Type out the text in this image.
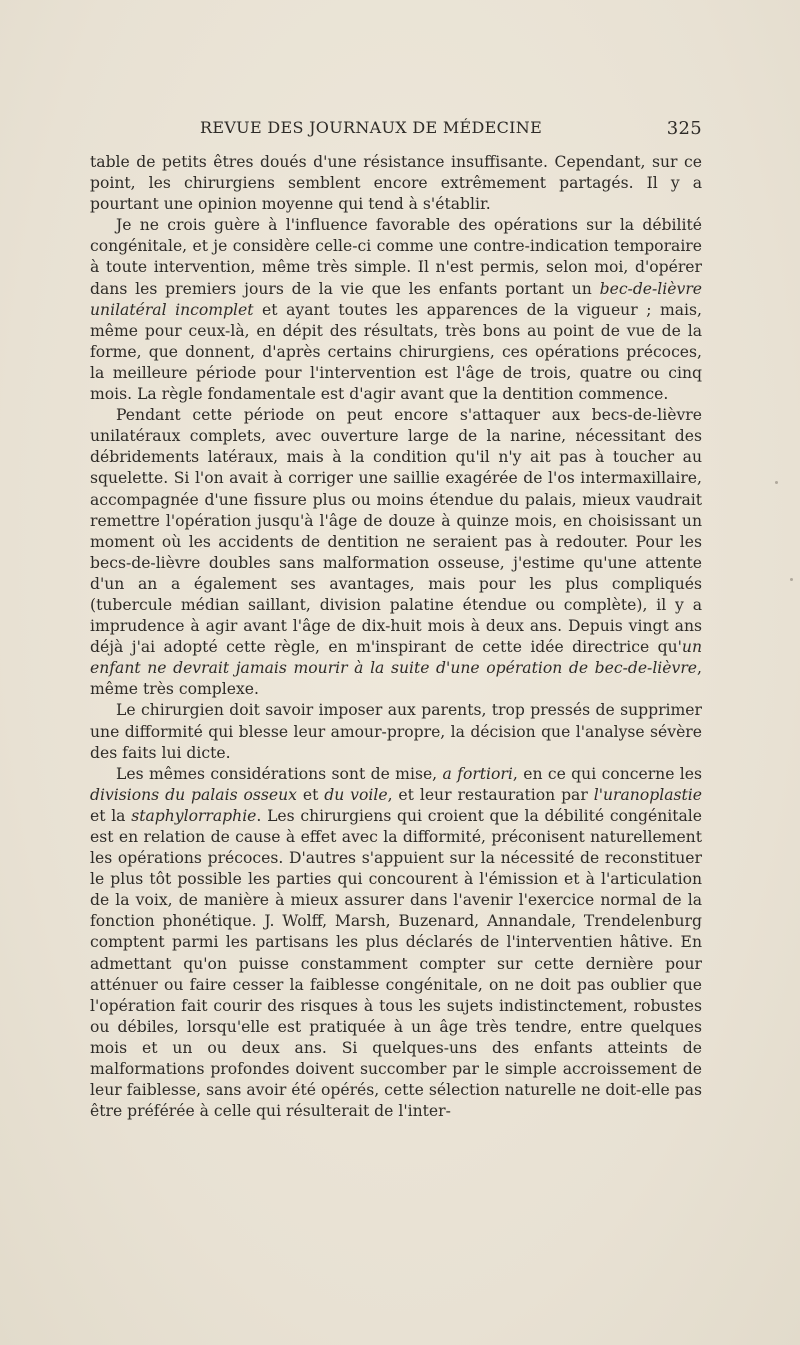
REVUE DES JOURNAUX DE MÉDECINE	325

table de petits êtres doués d'une résistance insuffisante. Cependant, sur ce point, les chirurgiens semblent encore extrêmement partagés. Il y a pourtant une opinion moyenne qui tend à s'établir.

Je ne crois guère à l'influence favorable des opérations sur la débilité congénitale, et je considère celle-ci comme une contre-indication temporaire à toute intervention, même très simple. Il n'est permis, selon moi, d'opérer dans les premiers jours de la vie que les enfants portant un bec-de-lièvre unilatéral incomplet et ayant toutes les apparences de la vigueur ; mais, même pour ceux-là, en dépit des résultats, très bons au point de vue de la forme, que donnent, d'après certains chirurgiens, ces opérations précoces, la meilleure période pour l'intervention est l'âge de trois, quatre ou cinq mois. La règle fondamentale est d'agir avant que la dentition commence.

Pendant cette période on peut encore s'attaquer aux becs-de-lièvre unilatéraux complets, avec ouverture large de la narine, nécessitant des débridements latéraux, mais à la condition qu'il n'y ait pas à toucher au squelette. Si l'on avait à corriger une saillie exagérée de l'os intermaxillaire, accompagnée d'une fissure plus ou moins étendue du palais, mieux vaudrait remettre l'opération jusqu'à l'âge de douze à quinze mois, en choisissant un moment où les accidents de dentition ne seraient pas à redouter. Pour les becs-de-lièvre doubles sans malformation osseuse, j'estime qu'une attente d'un an a également ses avantages, mais pour les plus compliqués (tubercule médian saillant, division palatine étendue ou complète), il y a imprudence à agir avant l'âge de dix-huit mois à deux ans. Depuis vingt ans déjà j'ai adopté cette règle, en m'inspirant de cette idée directrice qu'un enfant ne devrait jamais mourir à la suite d'une opération de bec-de-lièvre, même très complexe.

Le chirurgien doit savoir imposer aux parents, trop pressés de supprimer une difformité qui blesse leur amour-propre, la décision que l'analyse sévère des faits lui dicte.

Les mêmes considérations sont de mise, a fortiori, en ce qui concerne les divisions du palais osseux et du voile, et leur restauration par l'uranoplastie et la staphylorraphie. Les chirurgiens qui croient que la débilité congénitale est en relation de cause à effet avec la difformité, préconisent naturellement les opérations précoces. D'autres s'appuient sur la nécessité de reconstituer le plus tôt possible les parties qui concourent à l'émission et à l'articulation de la voix, de manière à mieux assurer dans l'avenir l'exercice normal de la fonction phonétique. J. Wolff, Marsh, Buzenard, Annandale, Trendelenburg comptent parmi les partisans les plus déclarés de l'interventien hâtive. En admettant qu'on puisse constamment compter sur cette dernière pour atténuer ou faire cesser la faiblesse congénitale, on ne doit pas oublier que l'opération fait courir des risques à tous les sujets indistinctement, robustes ou débiles, lorsqu'elle est pratiquée à un âge très tendre, entre quelques mois et un ou deux ans. Si quelques-uns des enfants atteints de malformations profondes doivent succomber par le simple accroissement de leur faiblesse, sans avoir été opérés, cette sélection naturelle ne doit-elle pas être préférée à celle qui résulterait de l'inter-
